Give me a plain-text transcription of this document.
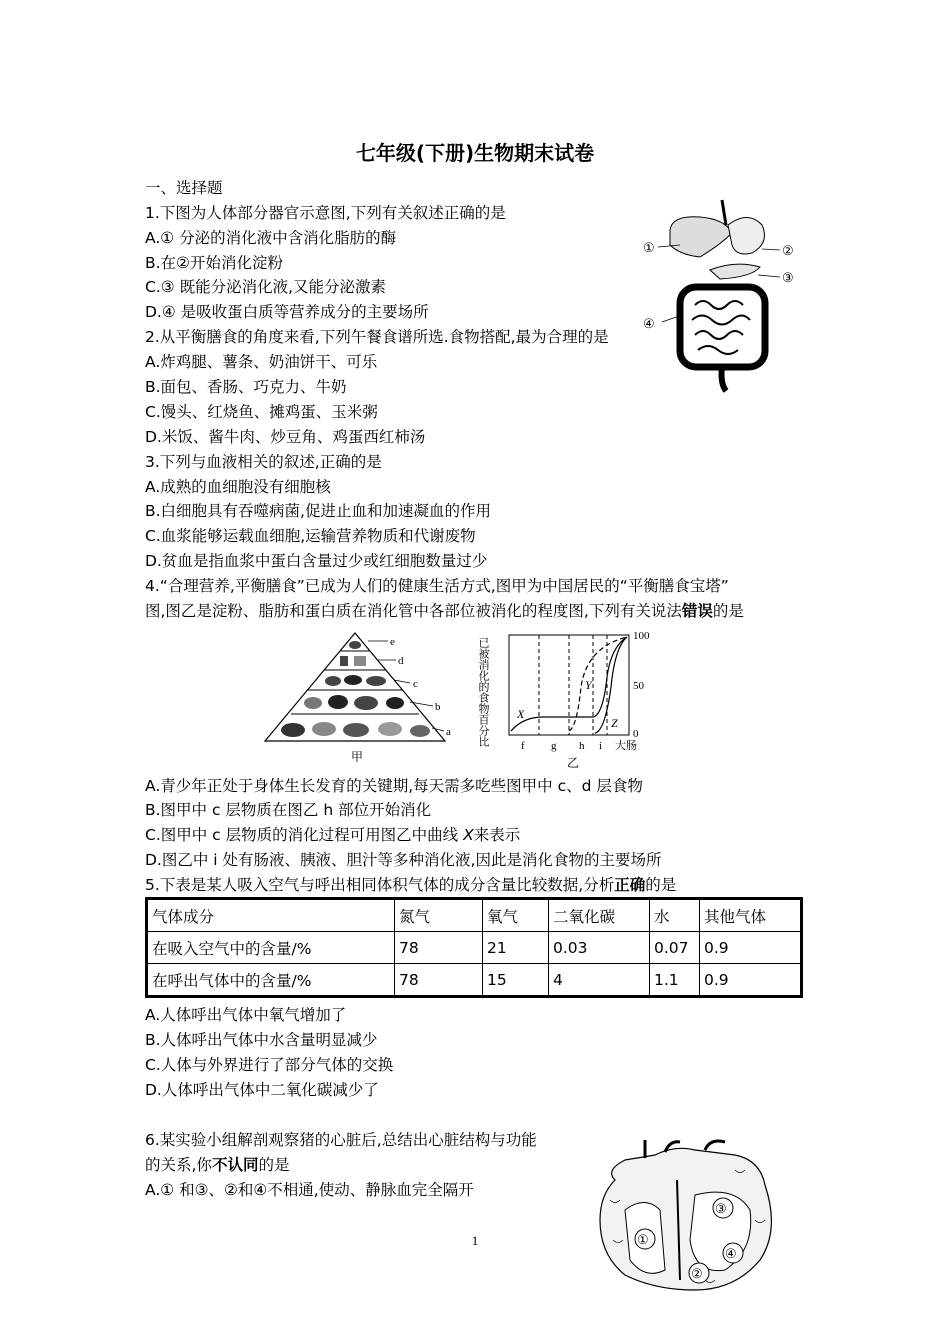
七年级(下册)生物期末试卷
一、选择题
1.下图为人体部分器官示意图,下列有关叙述正确的是
A.① 分泌的消化液中含消化脂肪的酶
B.在②开始消化淀粉
C.③ 既能分泌消化液,又能分泌激素
D.④ 是吸收蛋白质等营养成分的主要场所
①	②
③
④
2.从平衡膳食的角度来看,下列午餐食谱所选.食物搭配,最为合理的是
A.炸鸡腿、薯条、奶油饼干、可乐
B.面包、香肠、巧克力、牛奶
C.馒头、红烧鱼、摊鸡蛋、玉米粥
D.米饭、酱牛肉、炒豆角、鸡蛋西红柿汤
3.下列与血液相关的叙述,正确的是
A.成熟的血细胞没有细胞核
B.白细胞具有吞噬病菌,促进止血和加速凝血的作用
C.血浆能够运载血细胞,运输营养物质和代谢废物
D.贫血是指血浆中蛋白含量过少或红细胞数量过少
4.“合理营养,平衡膳食”已成为人们的健康生活方式,图甲为中国居民的“平衡膳食宝塔”
图,图乙是淀粉、脂肪和蛋白质在消化管中各部位被消化的程度图,下列有关说法错误的是
e
d
c
b
a
甲
已被消化的食物百分比 X
Y
Z
100
50
0
f g h i 大肠
乙
A.青少年正处于身体生长发育的关键期,每天需多吃些图甲中 c、d 层食物
B.图甲中 c 层物质在图乙 h 部位开始消化
C.图甲中 c 层物质的消化过程可用图乙中曲线 X来表示
D.图乙中 i 处有肠液、胰液、胆汁等多种消化液,因此是消化食物的主要场所
5.下表是某人吸入空气与呼出相同体积气体的成分含量比较数据,分析正确的是
气体成分	氮气	氧气	二氧化碳	水	其他气体
在吸入空气中的含量/%	78	21	0.03	0.07	0.9
在呼出气体中的含量/%	78	15	4	1.1	0.9
A.人体呼出气体中氧气增加了
B.人体呼出气体中水含量明显减少
C.人体与外界进行了部分气体的交换
D.人体呼出气体中二氧化碳减少了
6.某实验小组解剖观察猪的心脏后,总结出心脏结构与功能
的关系,你不认同的是
A.① 和③、②和④不相通,使动、静脉血完全隔开
①
②
③
④
1
